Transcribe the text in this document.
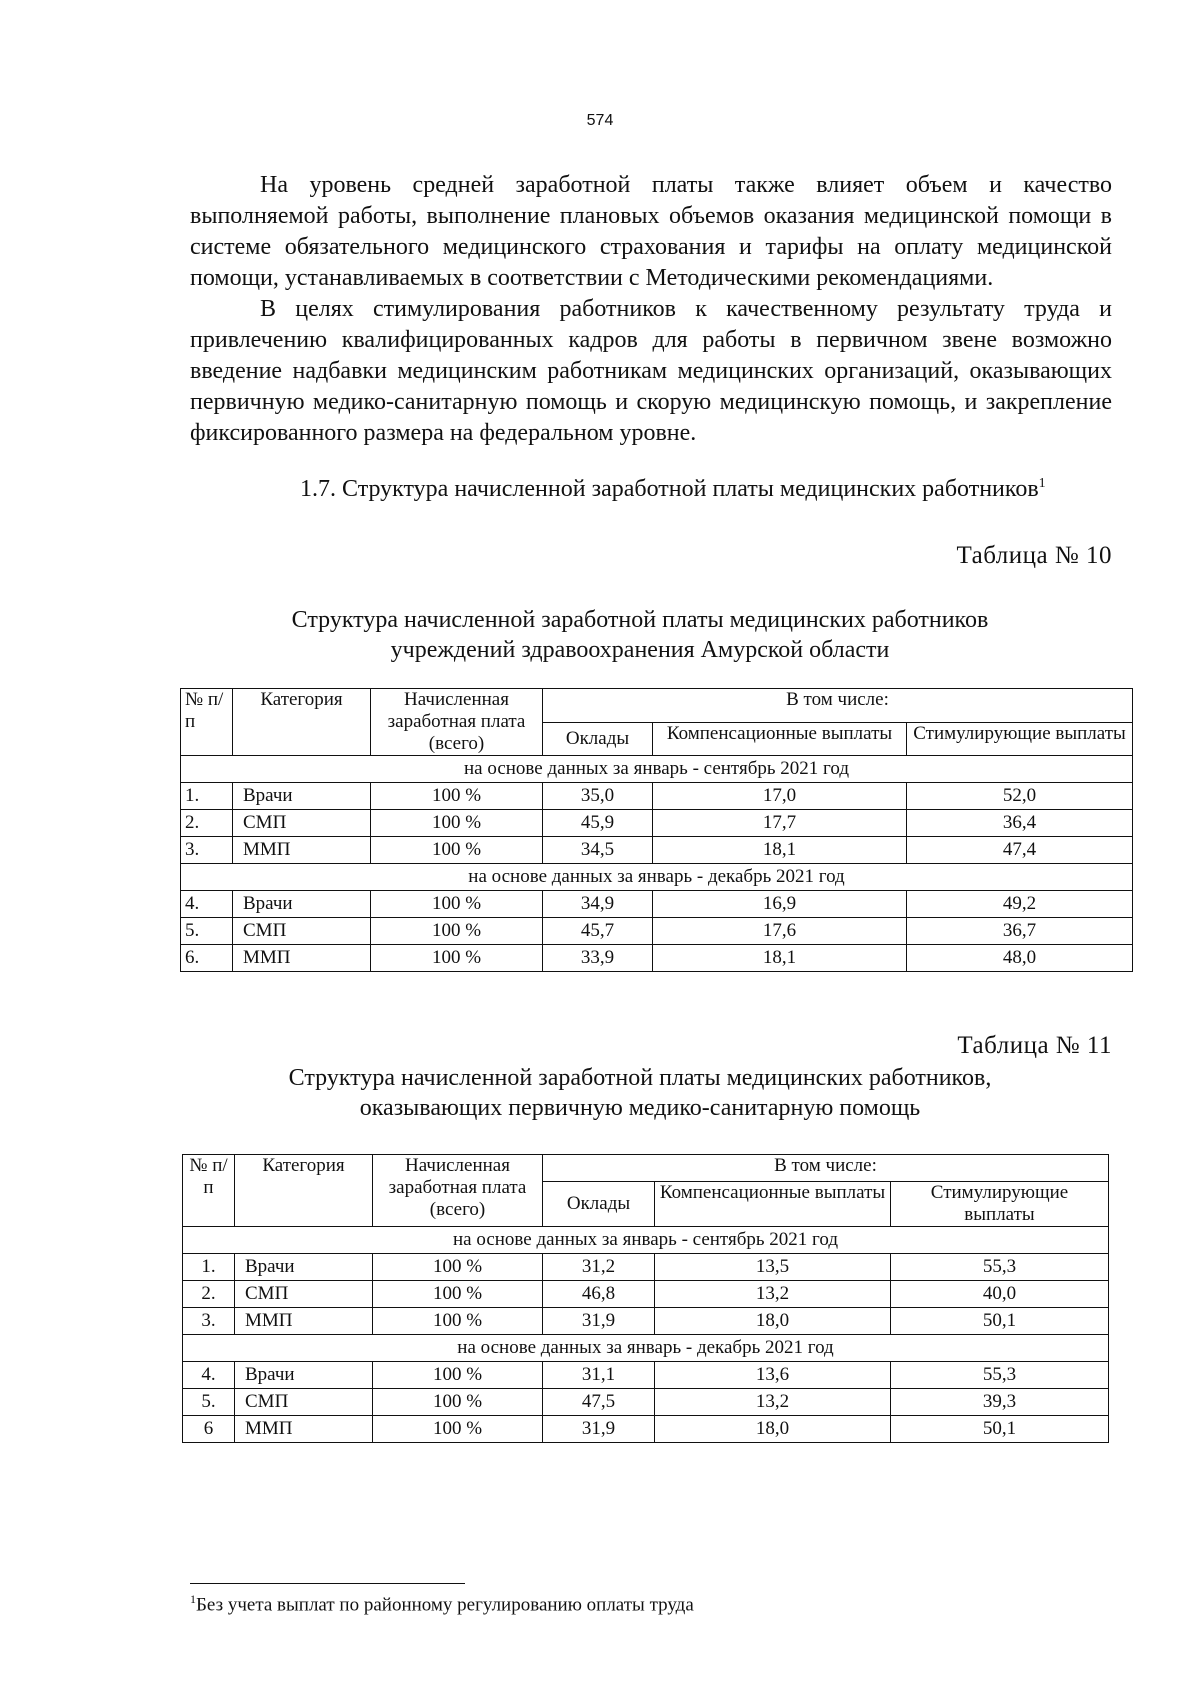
574

На уровень средней заработной платы также влияет объем и качество выполняемой работы, выполнение плановых объемов оказания медицинской помощи в системе обязательного медицинского страхования и тарифы на оплату медицинской помощи, устанавливаемых в соответствии с Методическими рекомендациями.

В целях стимулирования работников к качественному результату труда и привлечению квалифицированных кадров для работы в первичном звене возможно введение надбавки медицинским работникам медицинских организаций, оказывающих первичную медико-санитарную помощь и скорую медицинскую помощь, и закрепление фиксированного размера на федеральном уровне.

1.7. Структура начисленной заработной платы медицинских работников$^1$
Таблица № 10
Структура начисленной заработной платы медицинских работников
учреждений здравоохранения Амурской области
№ п/п	Категория	Начисленная заработная плата (всего)	В том числе:		
			Оклады	Компенсационные выплаты	Стимулирующие выплаты
на основе данных за январь - сентябрь 2021 год					
1.	Врачи	100 %	35,0	17,0	52,0
2.	СМП	100 %	45,9	17,7	36,4
3.	ММП	100 %	34,5	18,1	47,4
на основе данных за январь - декабрь 2021 год					
4.	Врачи	100 %	34,9	16,9	49,2
5.	СМП	100 %	45,7	17,6	36,7
6.	ММП	100 %	33,9	18,1	48,0
Таблица № 11
Структура начисленной заработной платы медицинских работников,
оказывающих первичную медико-санитарную помощь
№ п/п	Категория	Начисленная заработная плата (всего)	В том числе:		
			Оклады	Компенсационные выплаты	Стимулирующие выплаты
на основе данных за январь - сентябрь 2021 год					
1.	Врачи	100 %	31,2	13,5	55,3
2.	СМП	100 %	46,8	13,2	40,0
3.	ММП	100 %	31,9	18,0	50,1
на основе данных за январь - декабрь 2021 год					
4.	Врачи	100 %	31,1	13,6	55,3
5.	СМП	100 %	47,5	13,2	39,3
6	ММП	100 %	31,9	18,0	50,1
$^1$Без учета выплат по районному регулированию оплаты труда
